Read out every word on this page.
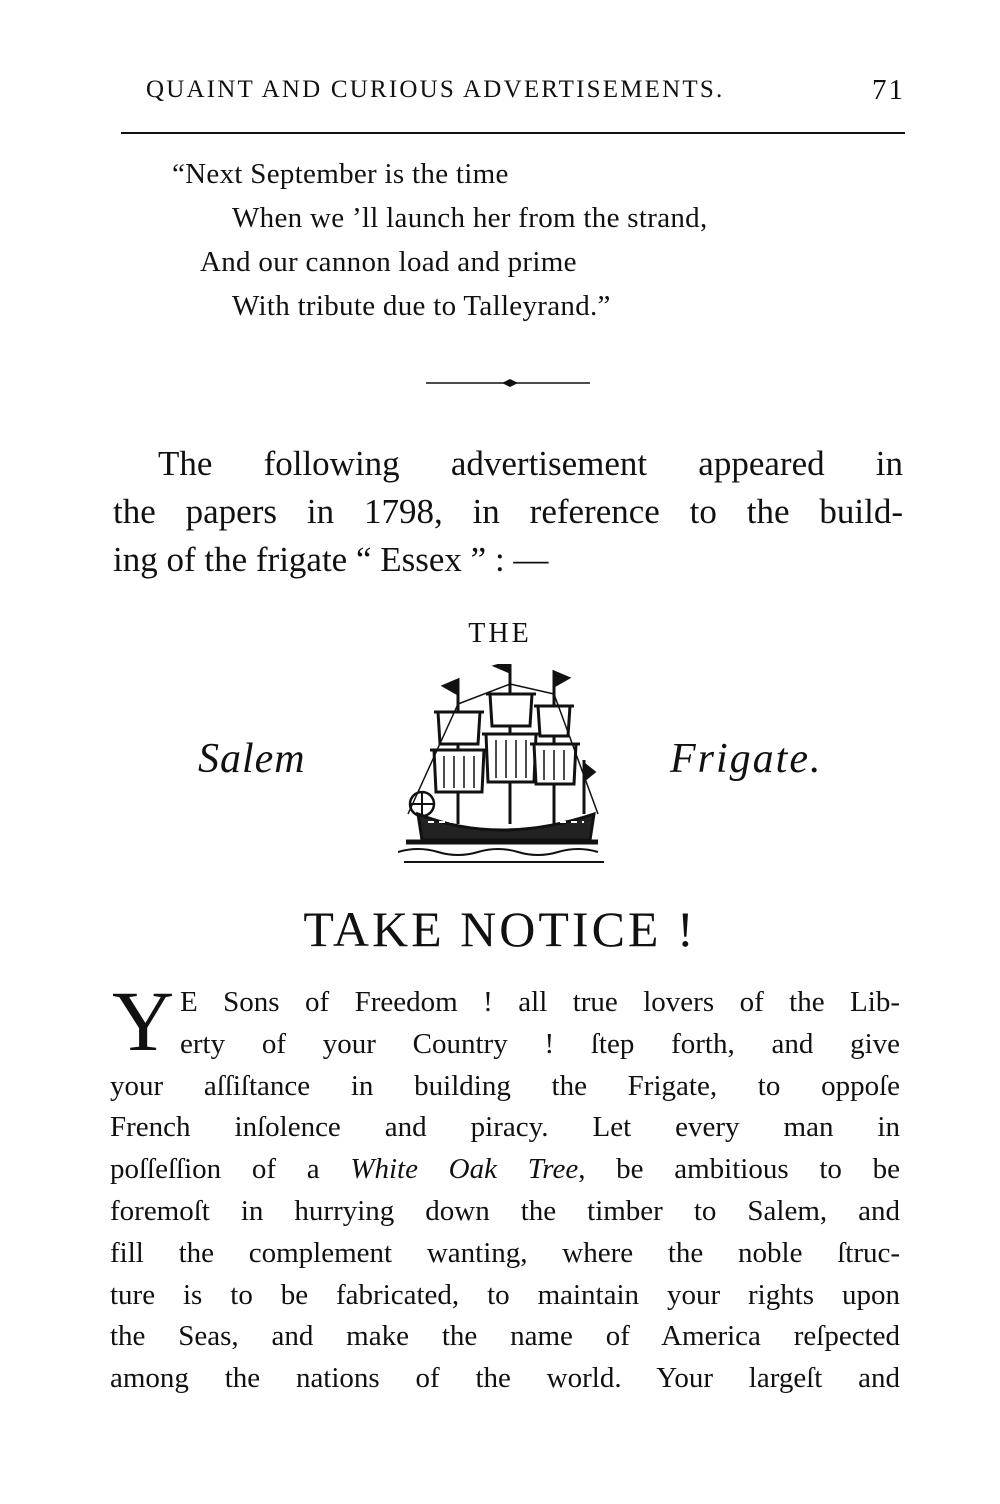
QUAINT AND CURIOUS ADVERTISEMENTS.	71
“Next September is the time
When we ’ll launch her from the strand,
And our cannon load and prime
With tribute due to Talleyrand.”
The following advertisement appeared in
the papers in 1798, in reference to the build-
ing of the frigate “ Essex ” : —
THE
Salem	Frigate.
TAKE NOTICE !
Y E Sons of Freedom ! all true lovers of the Lib-
erty of your Country ! ſtep forth, and give
your aſſiſtance in building the Frigate, to oppoſe
French inſolence and piracy. Let every man in
poſſeſſion of a White Oak Tree, be ambitious to be
foremoſt in hurrying down the timber to Salem, and
fill the complement wanting, where the noble ſtruc-
ture is to be fabricated, to maintain your rights upon
the Seas, and make the name of America reſpected
among the nations of the world. Your largeſt and
